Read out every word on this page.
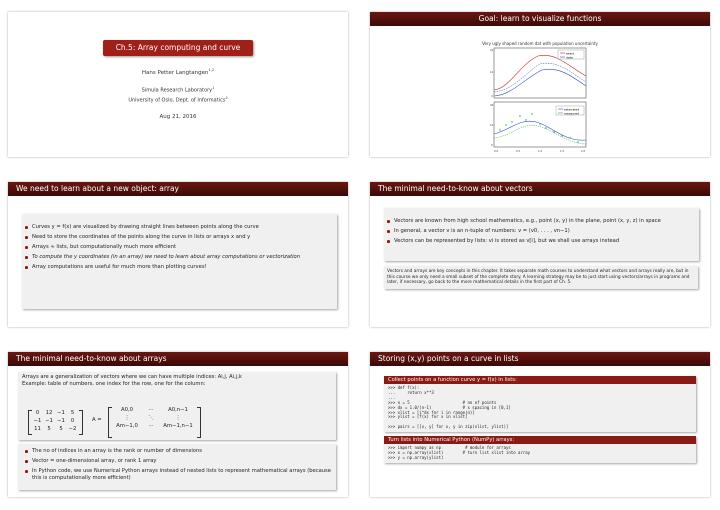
Ch.5: Array computing and curve plotting
Hans Petter Langtangen$^{1,2}$
Simula Research Laboratory$^1$
University of Oslo, Dept. of Informatics$^2$
Aug 21, 2016
Goal: learn to visualize functions
Very ugly shaped random dat with population uncertainty
exact
data
estimated
measured
20
10
0
20
10
0
0.0	0.5	1.0	1.5	2.0
We need to learn about a new object: array
Curves y = f(x) are visualized by drawing straight lines between points along the curve
Need to store the coordinates of the points along the curve in lists or arrays x and y
Arrays ≈ lists, but computationally much more efficient
To compute the y coordinates (in an array) we need to learn about array computations or vectorization
Array computations are useful for much more than plotting curves!
The minimal need-to-know about vectors
Vectors are known from high school mathematics, e.g., point (x, y) in the plane, point (x, y, z) in space
In general, a vector v is an n-tuple of numbers: v = (v0, . . . , vn−1)
Vectors can be represented by lists: vi is stored as v[i], but we shall use arrays instead
Vectors and arrays are key concepts in this chapter. It takes separate math courses to understand what vectors and arrays really are, but in this course we only need a small subset of the complete story. A learning strategy may be to just start using vectors/arrays in programs and later, if necessary, go back to the more mathematical details in the first part of Ch. 5.
The minimal need-to-know about arrays
Arrays are a generalization of vectors where we can have multiple indices: Ai,j, Ai,j,k
Example: table of numbers, one index for the row, one for the column:
0	12 −1	5
−1 −1 −1	0
11	5	5	−2
A =
A0,0	···	A0,n−1
⋮	⋱	⋮
Am−1,0	···	Am−1,n−1
The no of indices in an array is the rank or number of dimensions
Vector = one-dimensional array, or rank 1 array
In Python code, we use Numerical Python arrays instead of nested lists to represent mathematical arrays (because this is computationally more efficient)
Storing (x,y) points on a curve in lists
Collect points on a function curve y = f(x) in lists:
>>> def f(x):
...     return x**3
...
>>> n = 5                      # no of points
>>> dx = 1.0/(n-1)             # x spacing in [0,1]
>>> xlist = [i*dx for i in range(n)]
>>> ylist = [f(x) for x in xlist]

>>> pairs = [[x, y] for x, y in zip(xlist, ylist)]
Turn lists into Numerical Python (NumPy) arrays:
>>> import numpy as np          # module for arrays
>>> x = np.array(xlist)        # turn list xlist into array
>>> y = np.array(ylist)
